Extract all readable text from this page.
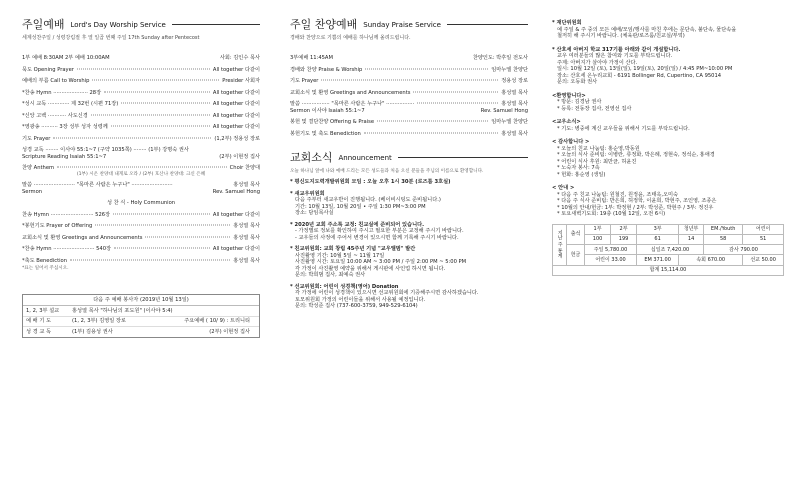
주일예배 Lord's Day Worship Service
세계성찬주일 / 성령강림절 후 열 일곱 번째 주일 17th Sunday after Pentecost
1부 예배 8:30AM 2부 예배 10:00AM	사회: 김인수 목사
묵도 Opening Prayer	All together 다같이
예배의 부름 Call to Worship	Presider 사회자
*찬송 Hymn ····················· 28장	All together 다같이
*성시 교독 ············· 제 32번 (시편 71장)	All together 다같이
*신앙 고백 ··········· 사도신경	All together 다같이
*영광송 ·········· 3장 성부 성자 성령께	All together 다같이
기도 Prayer	(1,2부) 정용성 장로
성경 교독 ········ 이사야 55:1~7 (구약 1035쪽) ········ (1부) 강명숙 권사
Scripture Reading Isaiah 55:1~7	(2부) 이현정 집사
찬양 Anthem	Choir 찬양대
(1부) 시온 찬양대 내게로 오라 / (2부) 호산나 찬양대: 크신 은혜
말씀 ························· "목마른 사람은 누구나" ·························	홍성열 목사
Sermon	Rev. Samuel Hong
성 찬 식 - Holy Communion
찬송 Hymn ·························· 526장	All together 다같이
*봉헌기도 Prayer of Offering	홍성열 목사
교회소식 및 환영 Greetings and Announcements	홍성열 목사
*찬송 Hymn ························· 540장	All together 다같이
*축도 Benediction	홍성열 목사
*표는 일어서 주십시오.
다음 주 예배 봉사자 (2019년 10월 13일)
1, 2, 3부 설교	홍성열 목사 "하나님의 포도원" (이사야 5:4)
예 배 기 도	(1, 2, 3부) 김영일 장로	주요예배 ( 10/ 9) : 트리니티
성 경 교 독	(1부) 김용성 권사	(2부) 이현정 집사
주일 찬양예배 Sunday Praise Service
경배와 찬양으로 기쁨의 예배를 하나님께 올려드립니다.
3부예배 11:45AM	찬양인도: 박후일 전도사
경배와 찬양 Praise & Worship	임마누엘 찬양단
기도 Prayer	정용성 장로
교회소식 및 환영 Greetings and Announcements	홍성열 목사
말씀 ················· "목마른 사람은 누구나" ·················	홍성열 목사
Sermon 이사야 Isaiah 55:1~7	Rev. Samuel Hong
봉헌 및 결단찬양 Offering & Praise	임마누엘 찬양단
봉헌기도 및 축도 Benediction	홍성열 목사
교회소식 Announcement
오늘 하나님 앞에 나와 예배 드리는 모든 성도들과 처음 오신 분들을 주님의 이름으로 환영합니다.

* 평신도지도력개발위원회 모임 : 오늘 오후 1시 30분 (로즈룸 3호실)

* 새교우위원회

다음 주부터 새교우반이 진행됩니다. (베이비시팅도 준비됩니다.)

기간: 10월 13일, 10월 20일 • 주일 1:30 PM~3:00 PM

장소: 담임목사실

* 2020년 교회 주소록 교정: 친교실에 준비되어 있습니다.

- 가정별로 정보를 확인하여 주시고 필요한 부분은 교정해 주시기 바랍니다.

- 교우들의 사정에 주어서 변경이 있으시면 함께 기록해 주시기 바랍니다.

* 친교위원회: 교회 창립 45주년 기념 "교우앨범" 발간

사진촬영 기간: 10월 5일 ~ 11월 17일

사진촬영 시간: 토요일 10:00 AM ~ 3:00 PM / 주일 2:00 PM ~ 5:00 PM

각 가정이 사진촬영 예약을 위해서 게시판에 사인업 하시면 됩니다.

문의: 박희범 집사, 최예숙 권사

* 선교위원회: 어린이 성경책(영어) Donation

각 가정에 어린이 성경책이 있으시면 선교위원회에 기증해주시면 감사하겠습니다.

토모위원회 가정의 어린이들을 위해서 사용될 예정입니다.

문의: 박성준 집사 (737-600-3759, 949-529-6104)

* 재단위원회

예 주일 & 주 중의 모든 예배/모임/행사를 마친 후에는 문단속, 불단속, 물단속을

철저히 해 주시기 바랍니다. (체육관/로즈룸/친교실/부엌)

* 산호세 아버지 학교 317기를 아래와 같이 개설합니다.

교우 여러분들의 많은 참여와 기도를 부탁드립니다.

주제: 아버지가 살아야 가정이 산다.

일시: 10월 12일 (토), 13일(일), 19일(토), 20일(일) / 4:45 PM~10:00 PM

장소: 산호세 온누리교회 - 6191 Bollinger Rd, Cupertino, CA 95014

문의: 오동화 권사

<환영합니다>

* 방문: 김경남 권사

* 등록: 전동장 집사, 전영선 집사

<교우소식>

* 기도: 병중에 계신 교우들을 위해서 기도를 부탁드립니다.

< 감사합니다 >

* 오늘의 친교 나눔팀: 홍순영,박동원

* 오늘의 식사 준비팀: 이병란, 류정화, 박은례, 정현숙, 정석순, 홍애경

* 어린이 식사 후원: 최만균, 허윤진

* 노숙자 봉사: 7속

* 헌화: 홍순영 (생일)

< 안내 >

* 다음 주 친교 나눔팀: 원철진, 원정윤, 조태옥,오미숙

* 다음 주 식사 준비팀: 반은희, 허정학, 이윤희, 박현주, 조인영, 조종은

* 10월의 안내/헌금: 1부: 박정현 / 2부: 박성준, 박현주 / 3부: 정진우

* 토요새벽기도회: 19층 (10월 12일, 오전 6시)

지난 주 통계	출석	1부	2부	3부	청년부	EM./Youth	어린이
		100	199	61	14	58	51
	헌금	주일 5,780.00		십일조 7,420.00		감사 790.00	
		어린이 33.00		EM 371.00	속회 670.00		선교 50.00
합계 15,114.00							
